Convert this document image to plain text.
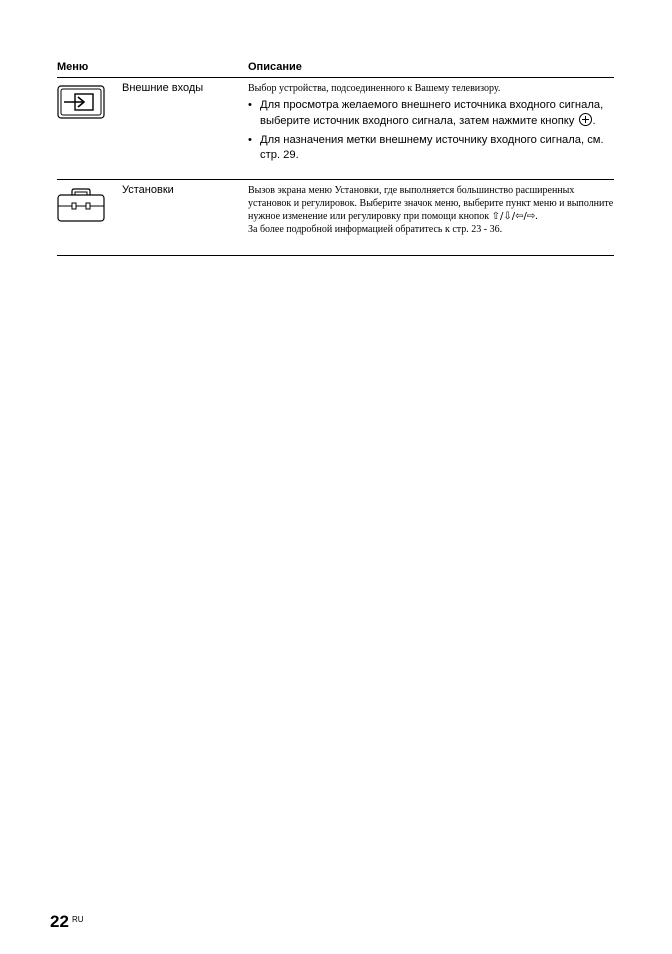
Меню	Описание
Внешние входы	Выбор устройства, подсоединенного к Вашему телевизору.

• Для просмотра желаемого внешнего источника входного сигнала, выберите источник входного сигнала, затем нажмите кнопку .
• Для назначения метки внешнему источнику входного сигнала, см. стр. 29.
Установки	Вызов экрана меню Установки, где выполняется большинство расширенных установок и регулировок. Выберите значок меню, выберите пункт меню и выполните нужное изменение или регулировку при помощи кнопок ⇧/⇩/⇦/⇨.

За более подробной информацией обратитесь к стр. 23 - 36.

22 RU
